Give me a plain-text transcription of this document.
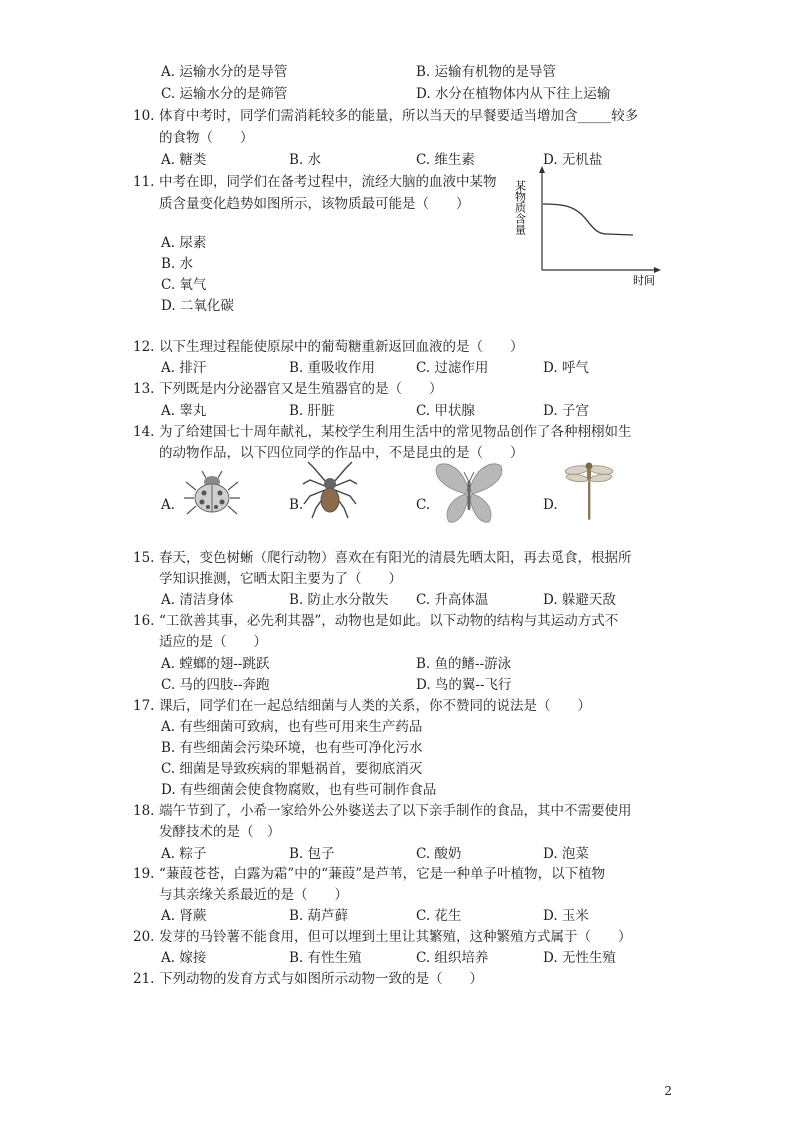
A. 运输水分的是导管	B. 运输有机物的是导管
C. 运输水分的是筛管	D. 水分在植物体内从下往上运输
10. 体育中考时，同学们需消耗较多的能量，所以当天的早餐要适当增加含_____较多
的食物（　　）
A. 糖类	B. 水	C. 维生素	D. 无机盐
11. 中考在即，同学们在备考过程中，流经大脑的血液中某物
质含量变化趋势如图所示，该物质最可能是（　　）
A. 尿素
B. 水
C. 氧气
D. 二氧化碳
某物质含量
时间
12. 以下生理过程能使原尿中的葡萄糖重新返回血液的是（　　）
A. 排汗	B. 重吸收作用	C. 过滤作用	D. 呼气
13. 下列既是内分泌器官又是生殖器官的是（　　）
A. 睾丸	B. 肝脏	C. 甲状腺	D. 子宫
14. 为了给建国七十周年献礼，某校学生利用生活中的常见物品创作了各种栩栩如生
的动物作品，以下四位同学的作品中，不是昆虫的是（　　）
A.	B.	C.	D.
15. 春天，变色树蜥（爬行动物）喜欢在有阳光的清晨先晒太阳，再去觅食，根据所
学知识推测，它晒太阳主要为了（　　）
A. 清洁身体	B. 防止水分散失 C. 升高体温	D. 躲避天敌
16. “工欲善其事，必先利其器”，动物也是如此。以下动物的结构与其运动方式不
适应的是（　　）
A. 螳螂的翅--跳跃	B. 鱼的鳍--游泳
C. 马的四肢--奔跑	D. 鸟的翼--飞行
17. 课后，同学们在一起总结细菌与人类的关系，你不赞同的说法是（　　）
A. 有些细菌可致病，也有些可用来生产药品
B. 有些细菌会污染环境，也有些可净化污水
C. 细菌是导致疾病的罪魁祸首，要彻底消灭
D. 有些细菌会使食物腐败，也有些可制作食品
18. 端午节到了，小希一家给外公外婆送去了以下亲手制作的食品，其中不需要使用
发酵技术的是（　）
A. 粽子	B. 包子	C. 酸奶	D. 泡菜
19. “蒹葭苍苍，白露为霜”中的“蒹葭”是芦苇，它是一种单子叶植物，以下植物
与其亲缘关系最近的是（　　）
A. 肾蕨	B. 葫芦藓	C. 花生	D. 玉米
20. 发芽的马铃薯不能食用，但可以埋到土里让其繁殖，这种繁殖方式属于（　　）
A. 嫁接	B. 有性生殖	C. 组织培养	D. 无性生殖
21. 下列动物的发育方式与如图所示动物一致的是（　　）
2
